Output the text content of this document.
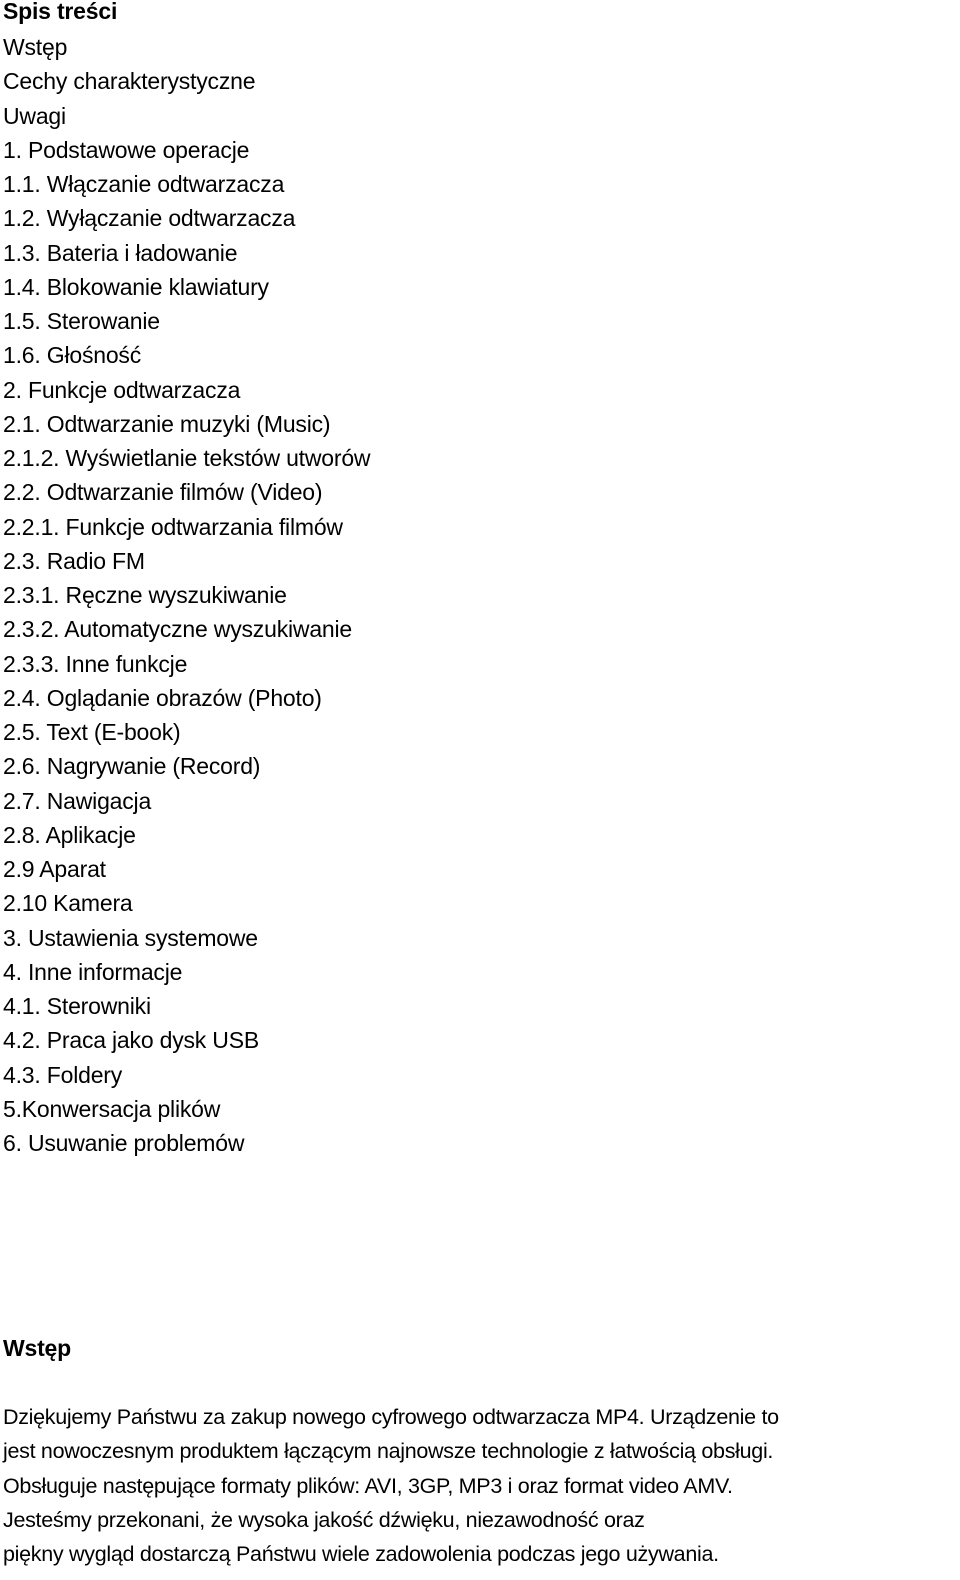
Spis treści
Wstęp
Cechy charakterystyczne
Uwagi
1. Podstawowe operacje
1.1. Włączanie odtwarzacza
1.2. Wyłączanie odtwarzacza
1.3. Bateria i ładowanie
1.4. Blokowanie klawiatury
1.5. Sterowanie
1.6. Głośność
2. Funkcje odtwarzacza
2.1. Odtwarzanie muzyki (Music)
2.1.2. Wyświetlanie tekstów utworów
2.2. Odtwarzanie filmów (Video)
2.2.1. Funkcje odtwarzania filmów
2.3. Radio FM
2.3.1. Ręczne wyszukiwanie
2.3.2. Automatyczne wyszukiwanie
2.3.3. Inne funkcje
2.4. Oglądanie obrazów (Photo)
2.5. Text (E-book)
2.6. Nagrywanie (Record)
2.7. Nawigacja
2.8. Aplikacje
2.9 Aparat
2.10 Kamera
3. Ustawienia systemowe
4. Inne informacje
4.1. Sterowniki
4.2. Praca jako dysk USB
4.3. Foldery
5.Konwersacja plików
6. Usuwanie problemów
Wstęp
Dziękujemy Państwu za zakup nowego cyfrowego odtwarzacza MP4. Urządzenie to
jest nowoczesnym produktem łączącym najnowsze technologie z łatwością obsługi.
Obsługuje następujące formaty plików: AVI, 3GP, MP3 i oraz format video AMV.
Jesteśmy przekonani, że wysoka jakość dźwięku, niezawodność oraz
piękny wygląd dostarczą Państwu wiele zadowolenia podczas jego używania.
